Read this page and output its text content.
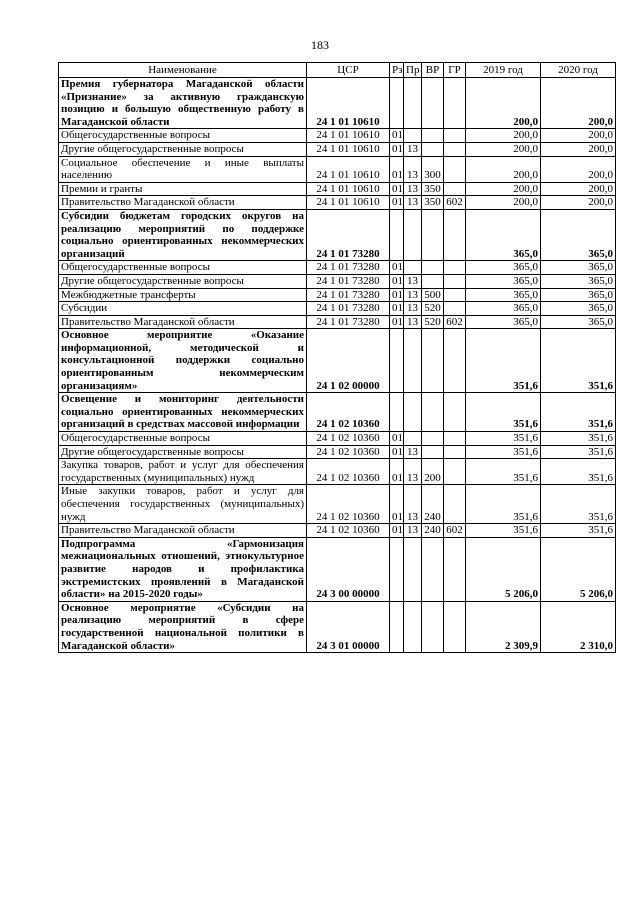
183
Наименование	ЦСР	Рз	Пр	ВР	ГР	2019 год	2020 год
Премия губернатора Магаданской области «Признание» за активную гражданскую позицию и большую общественную работу в Магаданской области	24 1 01 10610					200,0	200,0
Общегосударственные вопросы	24 1 01 10610	01				200,0	200,0
Другие общегосударственные вопросы	24 1 01 10610	01	13			200,0	200,0
Социальное обеспечение и иные выплаты населению	24 1 01 10610	01	13	300		200,0	200,0
Премии и гранты	24 1 01 10610	01	13	350		200,0	200,0
Правительство Магаданской области	24 1 01 10610	01	13	350	602	200,0	200,0
Субсидии бюджетам городских округов на реализацию мероприятий по поддержке социально ориентированных некоммерческих организаций	24 1 01 73280					365,0	365,0
Общегосударственные вопросы	24 1 01 73280	01				365,0	365,0
Другие общегосударственные вопросы	24 1 01 73280	01	13			365,0	365,0
Межбюджетные трансферты	24 1 01 73280	01	13	500		365,0	365,0
Субсидии	24 1 01 73280	01	13	520		365,0	365,0
Правительство Магаданской области	24 1 01 73280	01	13	520	602	365,0	365,0
Основное мероприятие «Оказание информационной, методической и консультационной поддержки социально ориентированным некоммерческим организациям»	24 1 02 00000					351,6	351,6
Освещение и мониторинг деятельности социально ориентированных некоммерческих организаций в средствах массовой информации	24 1 02 10360					351,6	351,6
Общегосударственные вопросы	24 1 02 10360	01				351,6	351,6
Другие общегосударственные вопросы	24 1 02 10360	01	13			351,6	351,6
Закупка товаров, работ и услуг для обеспечения государственных (муниципальных) нужд	24 1 02 10360	01	13	200		351,6	351,6
Иные закупки товаров, работ и услуг для обеспечения государственных (муниципальных) нужд	24 1 02 10360	01	13	240		351,6	351,6
Правительство Магаданской области	24 1 02 10360	01	13	240	602	351,6	351,6
Подпрограмма «Гармонизация межнациональных отношений, этнокультурное развитие народов и профилактика экстремистских проявлений в Магаданской области» на 2015-2020 годы»	24 3 00 00000					5 206,0	5 206,0
Основное мероприятие «Субсидии на реализацию мероприятий в сфере государственной национальной политики в Магаданской области»	24 3 01 00000					2 309,9	2 310,0
